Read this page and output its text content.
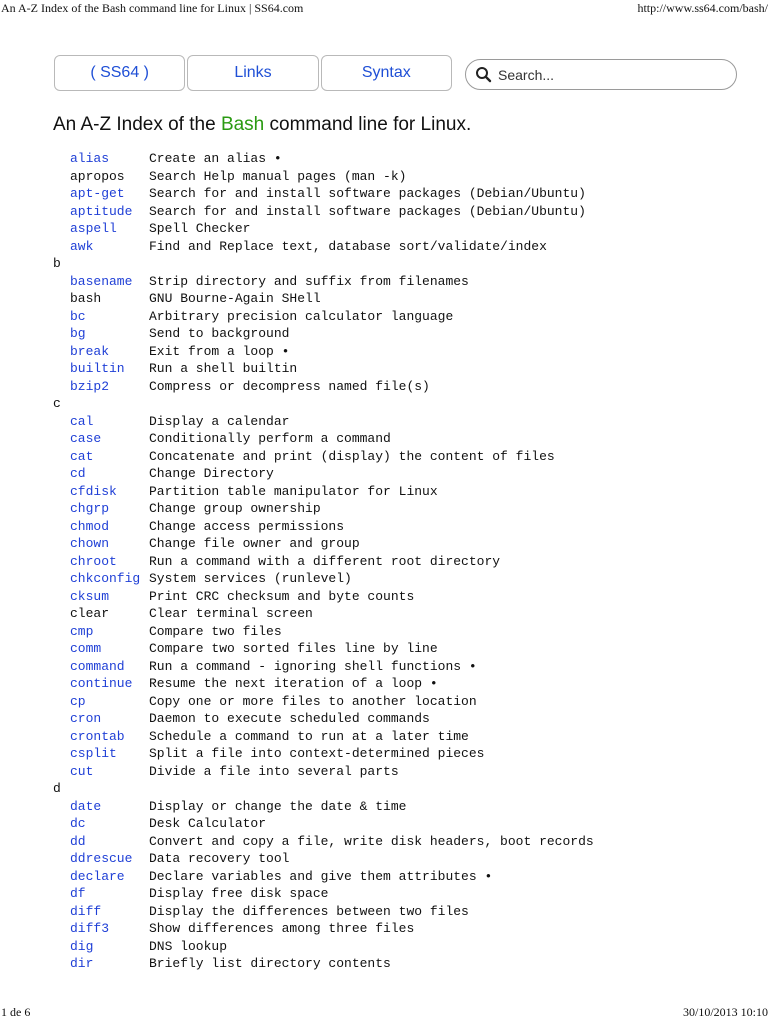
An A-Z Index of the Bash command line for Linux | SS64.com	http://www.ss64.com/bash/
( SS64 )	Links	Syntax
Search...
An A-Z Index of the Bash command line for Linux.
alias	Create an alias •
apropos	Search Help manual pages (man -k)
apt-get	Search for and install software packages (Debian/Ubuntu)
aptitude	Search for and install software packages (Debian/Ubuntu)
aspell	Spell Checker
awk	Find and Replace text, database sort/validate/index
b
basename	Strip directory and suffix from filenames
bash	GNU Bourne-Again SHell
bc	Arbitrary precision calculator language
bg	Send to background
break	Exit from a loop •
builtin	Run a shell builtin
bzip2	Compress or decompress named file(s)
c
cal	Display a calendar
case	Conditionally perform a command
cat	Concatenate and print (display) the content of files
cd	Change Directory
cfdisk	Partition table manipulator for Linux
chgrp	Change group ownership
chmod	Change access permissions
chown	Change file owner and group
chroot	Run a command with a different root directory
chkconfig System services (runlevel)
cksum	Print CRC checksum and byte counts
clear	Clear terminal screen
cmp	Compare two files
comm	Compare two sorted files line by line
command	Run a command - ignoring shell functions •
continue	Resume the next iteration of a loop •
cp	Copy one or more files to another location
cron	Daemon to execute scheduled commands
crontab	Schedule a command to run at a later time
csplit	Split a file into context-determined pieces
cut	Divide a file into several parts
d
date	Display or change the date & time
dc	Desk Calculator
dd	Convert and copy a file, write disk headers, boot records
ddrescue	Data recovery tool
declare	Declare variables and give them attributes •
df	Display free disk space
diff	Display the differences between two files
diff3	Show differences among three files
dig	DNS lookup
dir	Briefly list directory contents
1 de 6	30/10/2013 10:10
